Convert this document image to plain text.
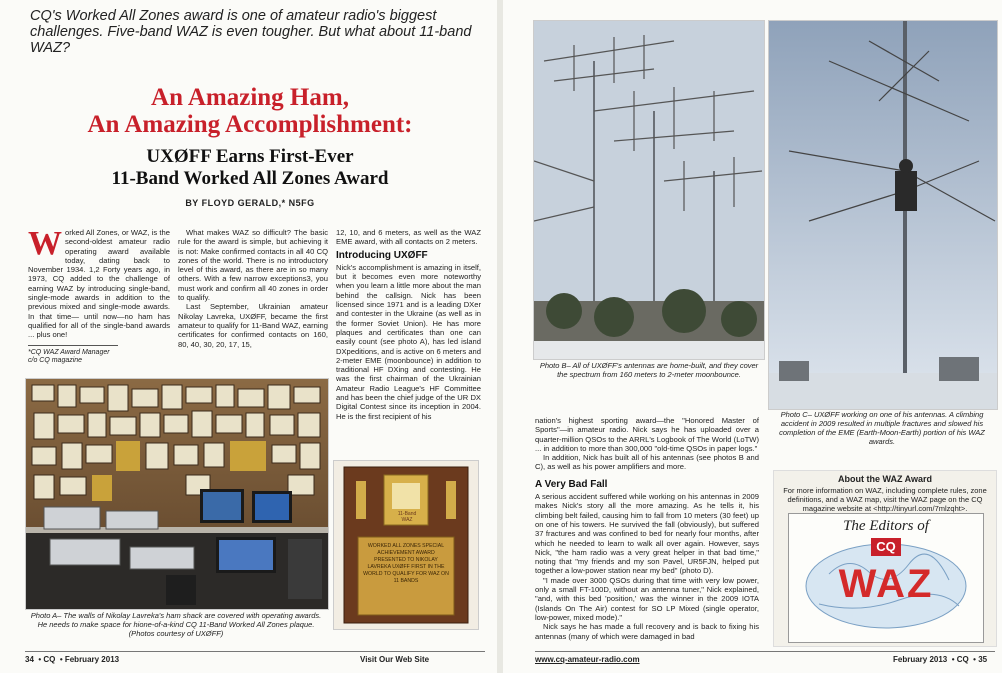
CQ's Worked All Zones award is one of amateur radio's biggest challenges. Five-band WAZ is even tougher. But what about 11-band WAZ?
An Amazing Ham,
An Amazing Accomplishment:
UXØFF Earns First-Ever
11-Band Worked All Zones Award
BY FLOYD GERALD,* N5FG
W orked All Zones, or WAZ, is the second-oldest amateur radio operating award available today, dating back to November 1934. 1,2 Forty years ago, in 1973, CQ added to the challenge of earning WAZ by introducing single-band, single-mode awards in addition to the previous mixed and single-mode awards. In that time— until now—no ham has qualified for all of the single-band awards ... plus one!

*CQ WAZ Award Manager
c/o CQ magazine

What makes WAZ so difficult? The basic rule for the award is simple, but achieving it is not: Make confirmed contacts in all 40 CQ zones of the world. There is no introductory level of this award, as there are in so many others. With a few narrow exceptions3, you must work and confirm all 40 zones in order to qualify.

Last September, Ukrainian amateur Nikolay Lavreka, UXØFF, became the first amateur to qualify for 11-Band WAZ, earning certificates for confirmed contacts on 160, 80, 40, 30, 20, 17, 15,

12, 10, and 6 meters, as well as the WAZ EME award, with all contacts on 2 meters.

Introducing UXØFF

Nick's accomplishment is amazing in itself, but it becomes even more noteworthy when you learn a little more about the man behind the callsign. Nick has been licensed since 1971 and is a leading DXer and contester in the Ukraine (as well as in the former Soviet Union). He has more plaques and certificates than one can easily count (see photo A), has led island DXpeditions, and is active on 6 meters and 2-meter EME (moonbounce) in addition to traditional HF DXing and contesting. He was the first chairman of the Ukrainian Amateur Radio League's HF Committee and has been the chief judge of the UR DX Digital Contest since its inception in 2004. He is the first recipient of his

11-Band WAZ
WORKED ALL ZONES SPECIAL ACHIEVEMENT AWARD PRESENTED TO NIKOLAY LAVREKA UXØFF FIRST IN THE WORLD TO QUALIFY FOR WAZ ON 11 BANDS
Photo A– The walls of Nikolay Lavreka's ham shack are covered with operating awards. He needs to make space for hione-of-a-kind CQ 11-Band Worked All Zones plaque. (Photos courtesy of UXØFF)
34  • CQ  • February 2013	Visit Our Web Site
Photo B– All of UXØFF's antennas are home-built, and they cover the spectrum from 160 meters to 2-meter moonbounce.
Photo C– UXØFF working on one of his antennas. A climbing accident in 2009 resulted in multiple fractures and slowed his completion of the EME (Earth-Moon-Earth) portion of his WAZ awards.

nation's highest sporting award—the "Honored Master of Sports"—in amateur radio. Nick says he has uploaded over a quarter-million QSOs to the ARRL's Logbook of The World (LoTW) ... in addition to more than 300,000 "old-time QSOs in paper logs."

In addition, Nick has built all of his antennas (see photos B and C), as well as his power amplifiers and more.

A Very Bad Fall

A serious accident suffered while working on his antennas in 2009 makes Nick's story all the more amazing. As he tells it, his climbing belt failed, causing him to fall from 10 meters (30 feet) up on one of his towers. He survived the fall (obviously), but suffered 37 fractures and was confined to bed for nearly four months, after which he needed to learn to walk all over again. However, says Nick, "the ham radio was a very great helper in that bad time," noting that "my friends and my son Pavel, UR5FJN, helped put together a low-power station near my bed" (photo D).

"I made over 3000 QSOs during that time with very low power, only a small FT-100D, without an antenna tuner," Nick explained, "and, with this bed 'position,' was the winner in the 2009 IOTA (Islands On The Air) contest for SO LP Mixed (single operator, low-power, mixed mode)."

Nick says he has made a full recovery and is back to fixing his antennas (many of which were damaged in bad

About the WAZ Award
For more information on WAZ, including complete rules, zone definitions, and a WAZ map, visit the WAZ page on the CQ magazine website at <http://tinyurl.com/7mlzqht>.
The Editors of
CQ
WAZ
www.cq-amateur-radio.com	February 2013  • CQ  • 35
